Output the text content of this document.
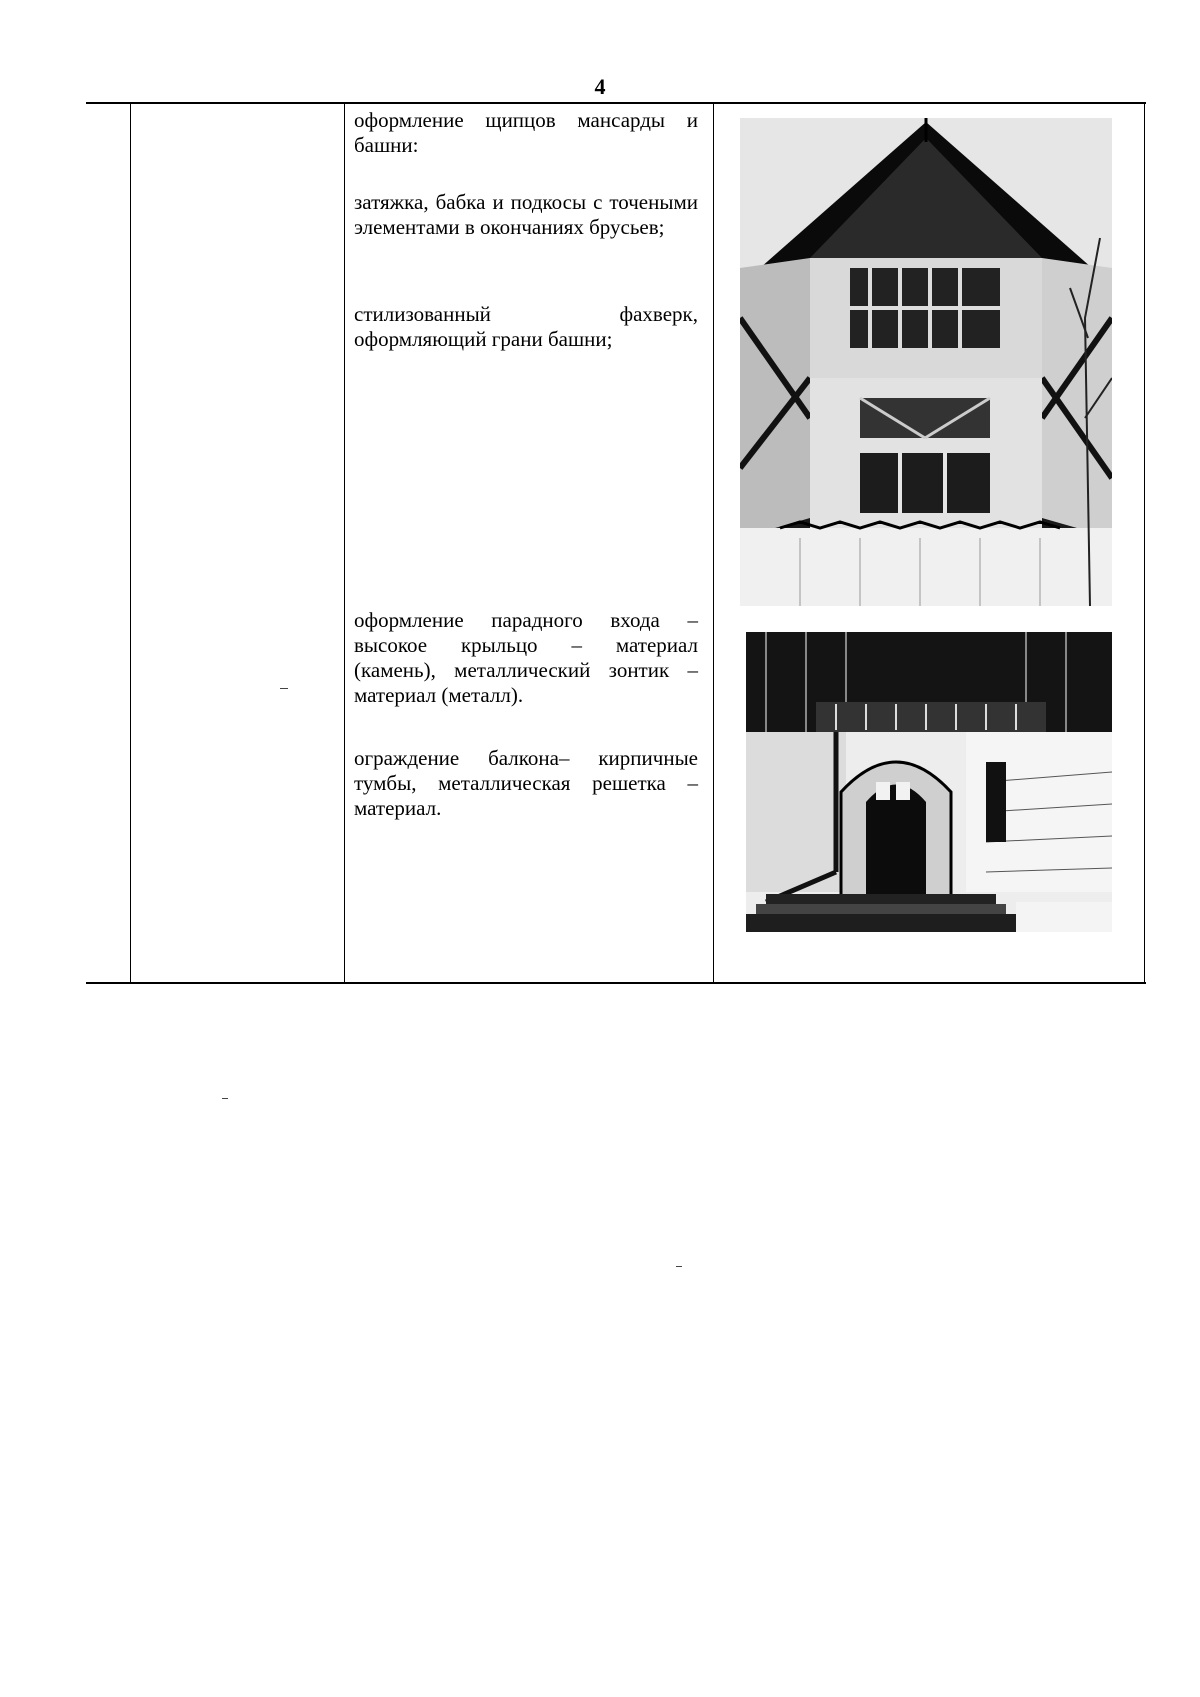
4

оформление щипцов мансарды и башни:

затяжка, бабка и подкосы с точеными элементами в окончаниях брусьев;

стилизованный фахверк, оформляющий грани башни;

оформление парадного входа – высокое крыльцо – материал (камень), металлический зонтик – материал (металл).

ограждение балкона– кирпичные тумбы, металлическая решетка – материал.
